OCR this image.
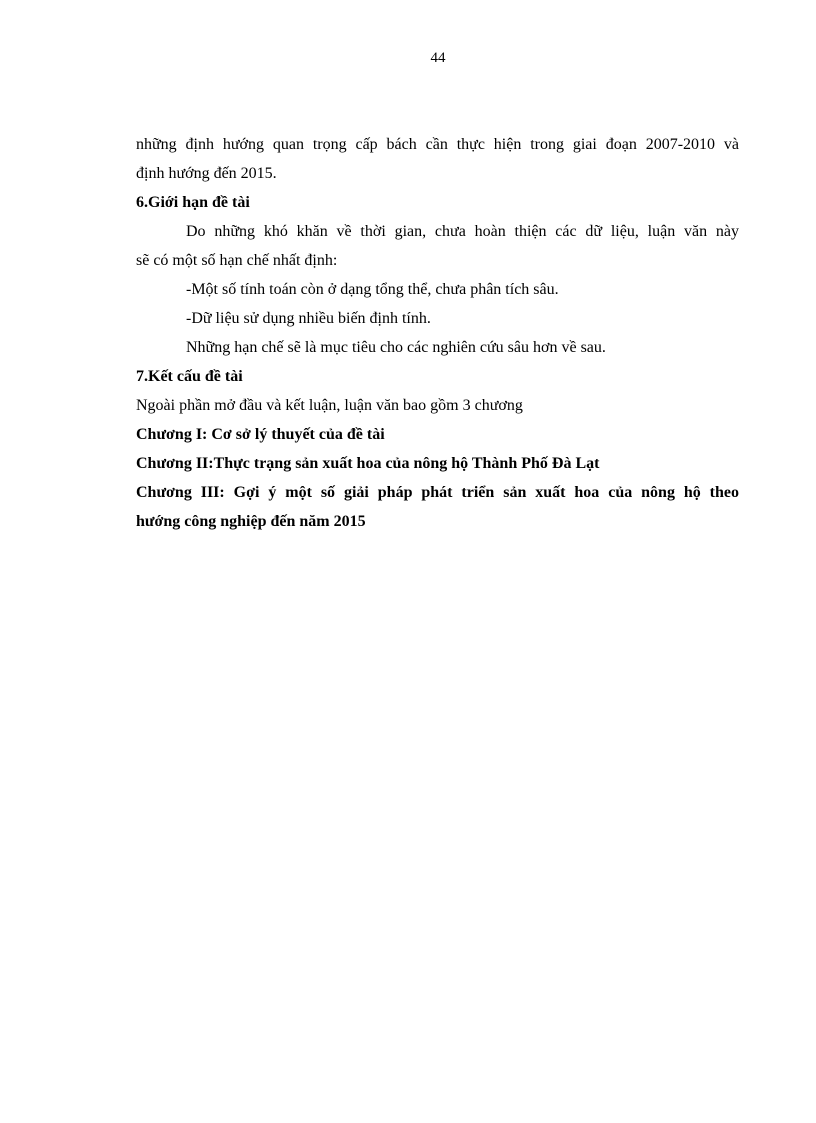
44

những định hướng quan trọng cấp bách cần thực hiện trong giai đoạn 2007-2010 và

định hướng đến 2015.

6.Giới hạn đề tài

Do những khó khăn về thời gian, chưa hoàn thiện các dữ liệu, luận văn này

sẽ có một số hạn chế nhất định:

-Một số tính toán còn ở dạng tổng thể, chưa phân tích sâu.

-Dữ liệu sử dụng nhiều biến định tính.

Những hạn chế sẽ là mục tiêu cho các nghiên cứu sâu hơn về sau.

7.Kết cấu đề tài

Ngoài phần mở đầu và kết luận, luận văn bao gồm 3 chương

Chương I: Cơ sở lý thuyết của đề tài

Chương II:Thực trạng sản xuất hoa của nông hộ Thành Phố Đà Lạt

Chương III: Gợi ý một số giải pháp phát triển sản xuất hoa của nông hộ theo

hướng công nghiệp đến năm 2015
